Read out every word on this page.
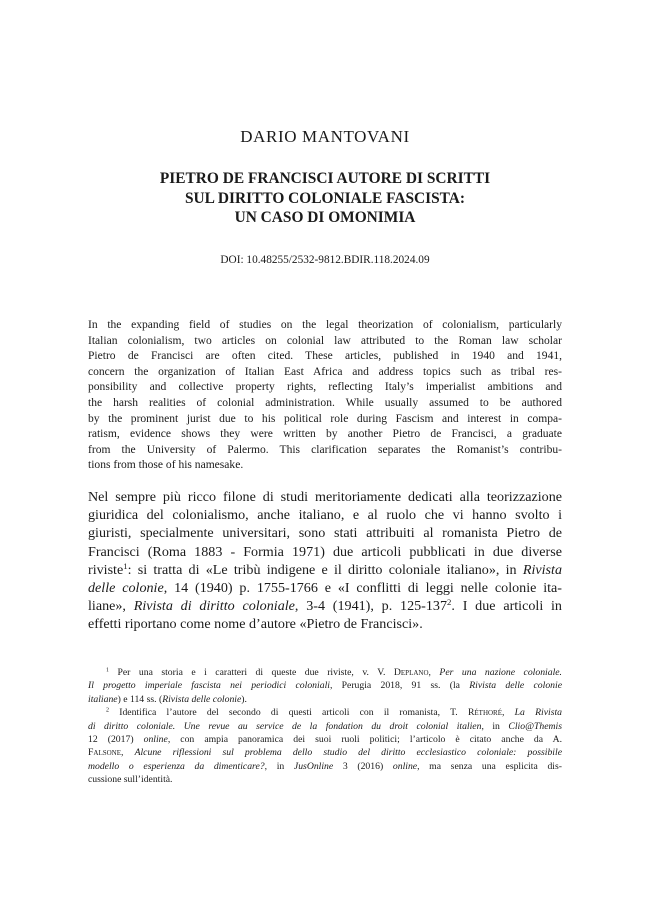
DARIO MANTOVANI
PIETRO DE FRANCISCI AUTORE DI SCRITTI
SUL DIRITTO COLONIALE FASCISTA:
UN CASO DI OMONIMIA
DOI: 10.48255/2532-9812.BDIR.118.2024.09
In the expanding field of studies on the legal theorization of colonialism, particularly
Italian colonialism, two articles on colonial law attributed to the Roman law scholar
Pietro de Francisci are often cited. These articles, published in 1940 and 1941,
concern the organization of Italian East Africa and address topics such as tribal res-
ponsibility and collective property rights, reflecting Italy’s imperialist ambitions and
the harsh realities of colonial administration. While usually assumed to be authored
by the prominent jurist due to his political role during Fascism and interest in compa-
ratism, evidence shows they were written by another Pietro de Francisci, a graduate
from the University of Palermo. This clarification separates the Romanist’s contribu-
tions from those of his namesake.
Nel sempre più ricco filone di studi meritoriamente dedicati alla teorizzazione
giuridica del colonialismo, anche italiano, e al ruolo che vi hanno svolto i
giuristi, specialmente universitari, sono stati attribuiti al romanista Pietro de
Francisci (Roma 1883 - Formia 1971) due articoli pubblicati in due diverse
riviste$^1$: si tratta di «Le tribù indigene e il diritto coloniale italiano», in Rivista
delle colonie, 14 (1940) p. 1755-1766 e «I conflitti di leggi nelle colonie ita-
liane», Rivista di diritto coloniale, 3-4 (1941), p. $125-137^2$. I due articoli in
effetti riportano come nome d’autore «Pietro de Francisci».
$^1$ Per una storia e i caratteri di queste due riviste, v. V. Deplano, Per una nazione coloniale.
Il progetto imperiale fascista nei periodici coloniali, Perugia 2018, 91 ss. (la Rivista delle colonie
italiane) e 114 ss. (Rivista delle colonie).
$^2$ Identifica l’autore del secondo di questi articoli con il romanista, T. Réthoré, La Rivista
di diritto coloniale. Une revue au service de la fondation du droit colonial italien, in Clio@Themis
12 (2017) online, con ampia panoramica dei suoi ruoli politici; l’articolo è citato anche da A.
Falsone, Alcune riflessioni sul problema dello studio del diritto ecclesiastico coloniale: possibile
modello o esperienza da dimenticare?, in JusOnline 3 (2016) online, ma senza una esplicita dis-
cussione sull’identità.
